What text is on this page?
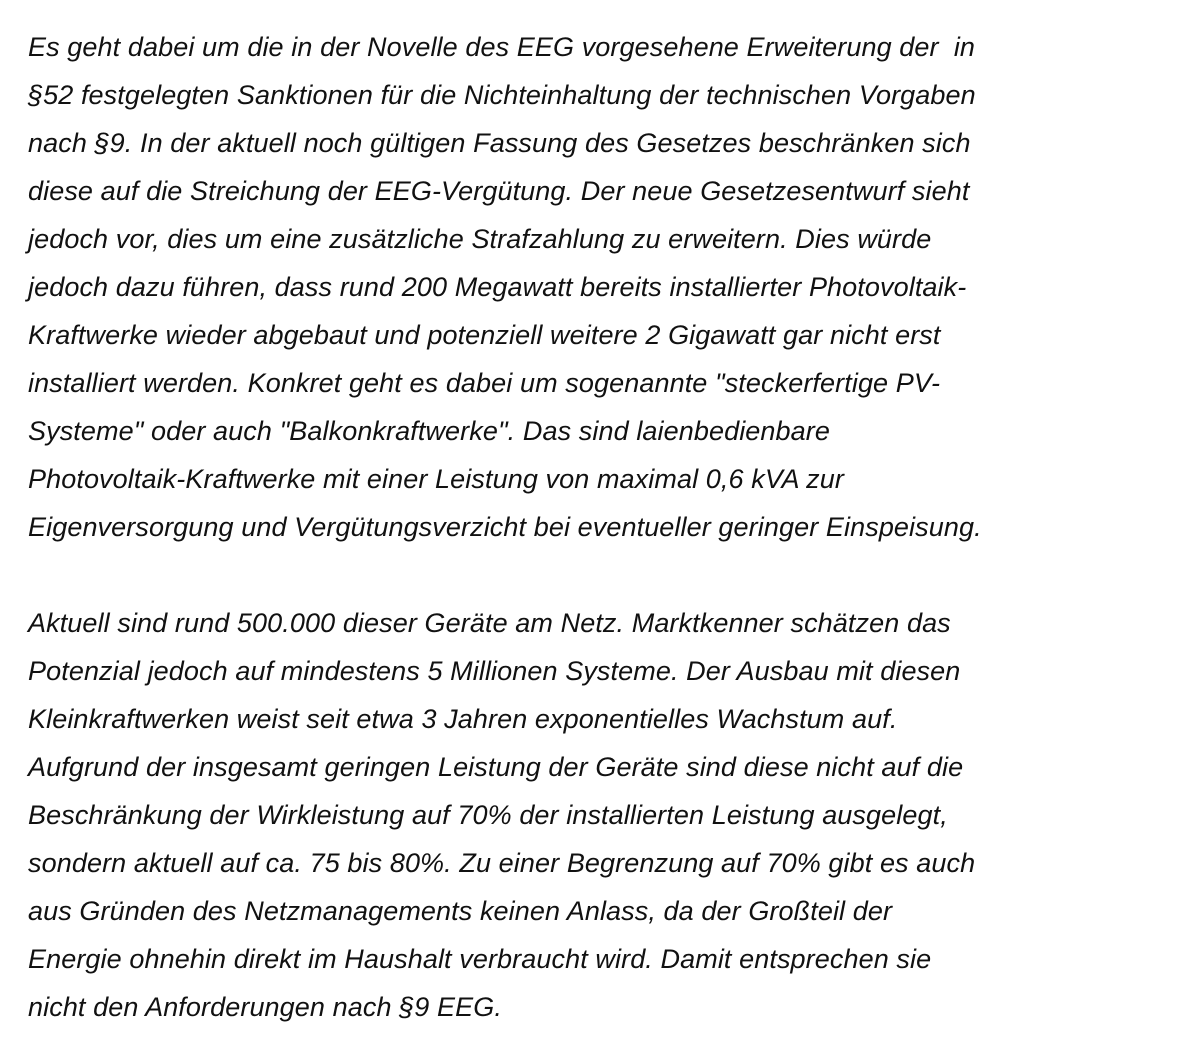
Es geht dabei um die in der Novelle des EEG vorgesehene Erweiterung der  in
§52 festgelegten Sanktionen für die Nichteinhaltung der technischen Vorgaben
nach §9. In der aktuell noch gültigen Fassung des Gesetzes beschränken sich
diese auf die Streichung der EEG-Vergütung. Der neue Gesetzesentwurf sieht
jedoch vor, dies um eine zusätzliche Strafzahlung zu erweitern. Dies würde
jedoch dazu führen, dass rund 200 Megawatt bereits installierter Photovoltaik-
Kraftwerke wieder abgebaut und potenziell weitere 2 Gigawatt gar nicht erst
installiert werden. Konkret geht es dabei um sogenannte "steckerfertige PV-
Systeme" oder auch "Balkonkraftwerke". Das sind laienbedienbare
Photovoltaik-Kraftwerke mit einer Leistung von maximal 0,6 kVA zur
Eigenversorgung und Vergütungsverzicht bei eventueller geringer Einspeisung.

Aktuell sind rund 500.000 dieser Geräte am Netz. Marktkenner schätzen das
Potenzial jedoch auf mindestens 5 Millionen Systeme. Der Ausbau mit diesen
Kleinkraftwerken weist seit etwa 3 Jahren exponentielles Wachstum auf.
Aufgrund der insgesamt geringen Leistung der Geräte sind diese nicht auf die
Beschränkung der Wirkleistung auf 70% der installierten Leistung ausgelegt,
sondern aktuell auf ca. 75 bis 80%. Zu einer Begrenzung auf 70% gibt es auch
aus Gründen des Netzmanagements keinen Anlass, da der Großteil der
Energie ohnehin direkt im Haushalt verbraucht wird. Damit entsprechen sie
nicht den Anforderungen nach §9 EEG.
